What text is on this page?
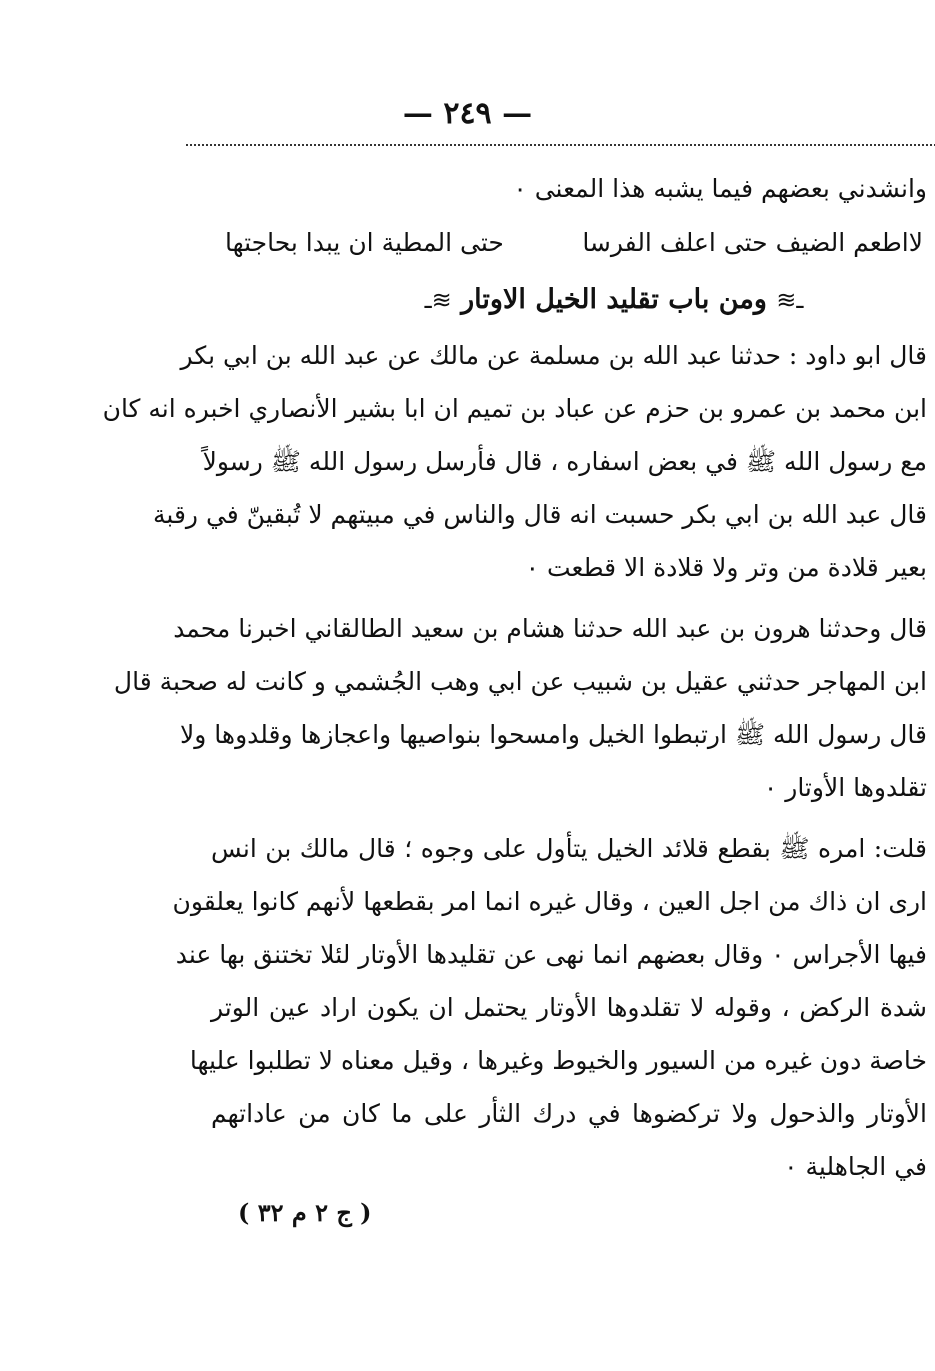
— ٢٤٩ —
وانشدني بعضهم فيما يشبه هذا المعنى ٠
لااطعم الضيف حتى اعلف الفرسا
حتى المطية ان يبدا بحاجتها
ـ≋ ومن باب تقليد الخيل الاوتار ≋ـ
قال ابو داود : حدثنا عبد الله بن مسلمة عن مالك عن عبد الله بن ابي بكر
ابن محمد بن عمرو بن حزم عن عباد بن تميم ان ابا بشير الأنصاري اخبره انه كان
مع رسول الله ﷺ في بعض اسفاره ، قال فأرسل رسول الله ﷺ رسولاً
قال عبد الله بن ابي بكر حسبت انه قال والناس في مبيتهم لا تُبقينّ في رقبة
بعير قلادة من وتر ولا قلادة الا قطعت ٠
قال وحدثنا هرون بن عبد الله حدثنا هشام بن سعيد الطالقاني اخبرنا محمد
ابن المهاجر حدثني عقيل بن شبيب عن ابي وهب الجُشمي و كانت له صحبة قال
قال رسول الله ﷺ ارتبطوا الخيل وامسحوا بنواصيها واعجازها وقلدوها ولا
تقلدوها الأوتار ٠
قلت: امره ﷺ بقطع قلائد الخيل يتأول على وجوه ؛ قال مالك بن انس
ارى ان ذاك من اجل العين ، وقال غيره انما امر بقطعها لأنهم كانوا يعلقون
فيها الأجراس ٠ وقال بعضهم انما نهى عن تقليدها الأوتار لئلا تختنق بها عند
شدة الركض ، وقوله لا تقلدوها الأوتار يحتمل ان يكون اراد عين الوتر
خاصة دون غيره من السيور والخيوط وغيرها ، وقيل معناه لا تطلبوا عليها
الأوتار والذحول ولا تركضوها في درك الثأر على ما كان من عاداتهم
في الجاهلية ٠
( ج ٢ م ٣٢ )
